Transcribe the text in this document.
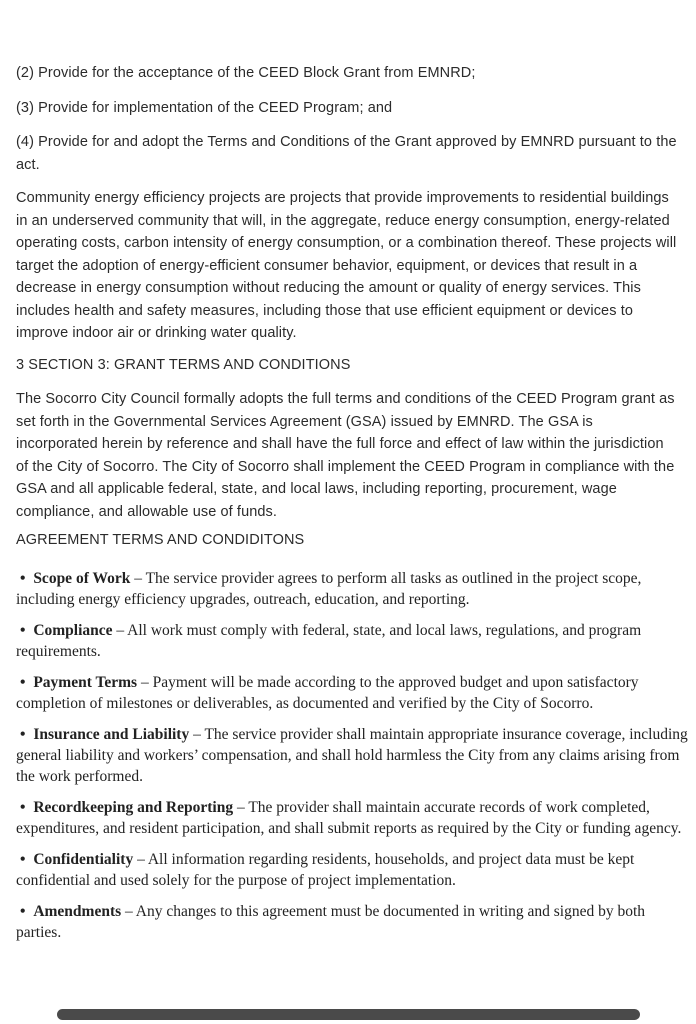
(2) Provide for the acceptance of the CEED Block Grant from EMNRD;

(3) Provide for implementation of the CEED Program; and

(4) Provide for and adopt the Terms and Conditions of the Grant approved by EMNRD pursuant to the act.

Community energy efficiency projects are projects that provide improvements to residential buildings in an underserved community that will, in the aggregate, reduce energy consumption, energy-related operating costs, carbon intensity of energy consumption, or a combination thereof. These projects will target the adoption of energy-efficient consumer behavior, equipment, or devices that result in a decrease in energy consumption without reducing the amount or quality of energy services. This includes health and safety measures, including those that use efficient equipment or devices to improve indoor air or drinking water quality.

3 SECTION 3: GRANT TERMS AND CONDITIONS

The Socorro City Council formally adopts the full terms and conditions of the CEED Program grant as set forth in the Governmental Services Agreement (GSA) issued by EMNRD. The GSA is incorporated herein by reference and shall have the full force and effect of law within the jurisdiction of the City of Socorro. The City of Socorro shall implement the CEED Program in compliance with the GSA and all applicable federal, state, and local laws, including reporting, procurement, wage compliance, and allowable use of funds.

AGREEMENT TERMS AND CONDIDITONS

• Scope of Work – The service provider agrees to perform all tasks as outlined in the project scope, including energy efficiency upgrades, outreach, education, and reporting.

• Compliance – All work must comply with federal, state, and local laws, regulations, and program requirements.

• Payment Terms – Payment will be made according to the approved budget and upon satisfactory completion of milestones or deliverables, as documented and verified by the City of Socorro.

• Insurance and Liability – The service provider shall maintain appropriate insurance coverage, including general liability and workers’ compensation, and shall hold harmless the City from any claims arising from the work performed.

• Recordkeeping and Reporting – The provider shall maintain accurate records of work completed, expenditures, and resident participation, and shall submit reports as required by the City or funding agency.

• Confidentiality – All information regarding residents, households, and project data must be kept confidential and used solely for the purpose of project implementation.

• Amendments – Any changes to this agreement must be documented in writing and signed by both parties.
